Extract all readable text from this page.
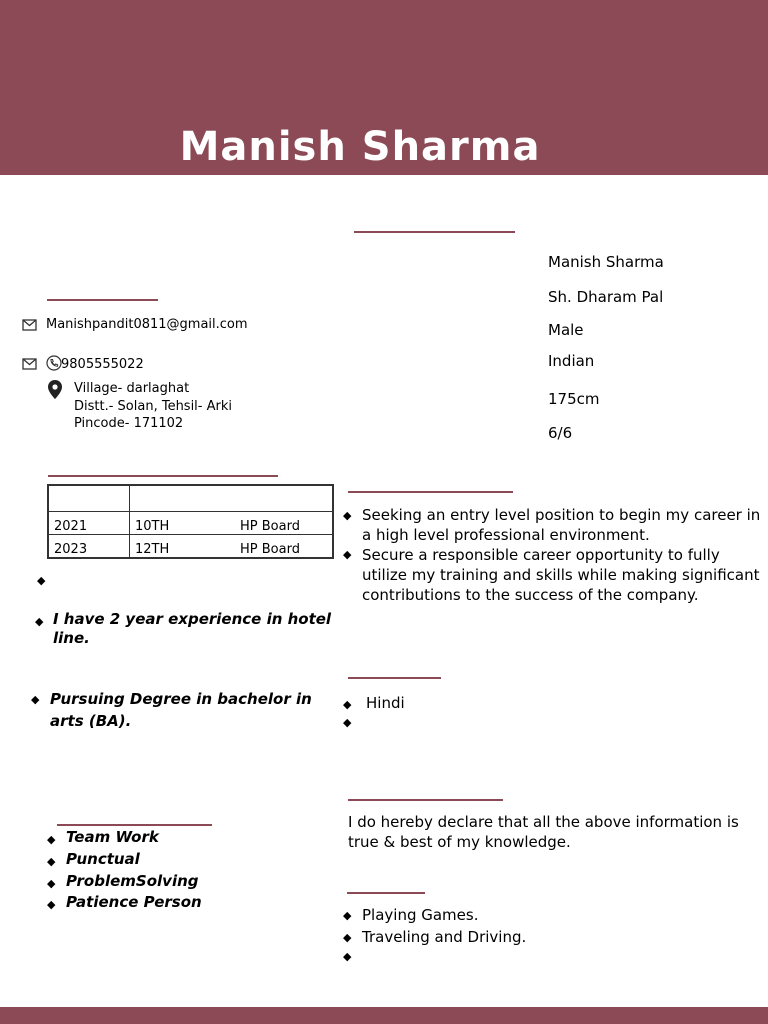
Manish Sharma
Manishpandit0811@gmail.com
9805555022
Village- darlaghat
Distt.- Solan, Tehsil- Arki
Pincode- 171102
Manish Sharma
Sh. Dharam Pal
Male
Indian
175cm
6/6

2021	10TH	HP Board
2023	12TH	HP Board
◆
◆ I have 2 year experience in hotel line.
◆ Pursuing Degree in bachelor in arts (BA).
◆ Seeking an entry level position to begin my career in a high level professional environment.
◆ Secure a responsible career opportunity to fully utilize my training and skills while making significant contributions to the success of the company.
◆ Hindi
◆
I do hereby declare that all the above information is true & best of my knowledge.
◆ Team Work
◆ Punctual
◆ ProblemSolving
◆ Patience Person
◆ Playing Games.
◆ Traveling and Driving.
◆
